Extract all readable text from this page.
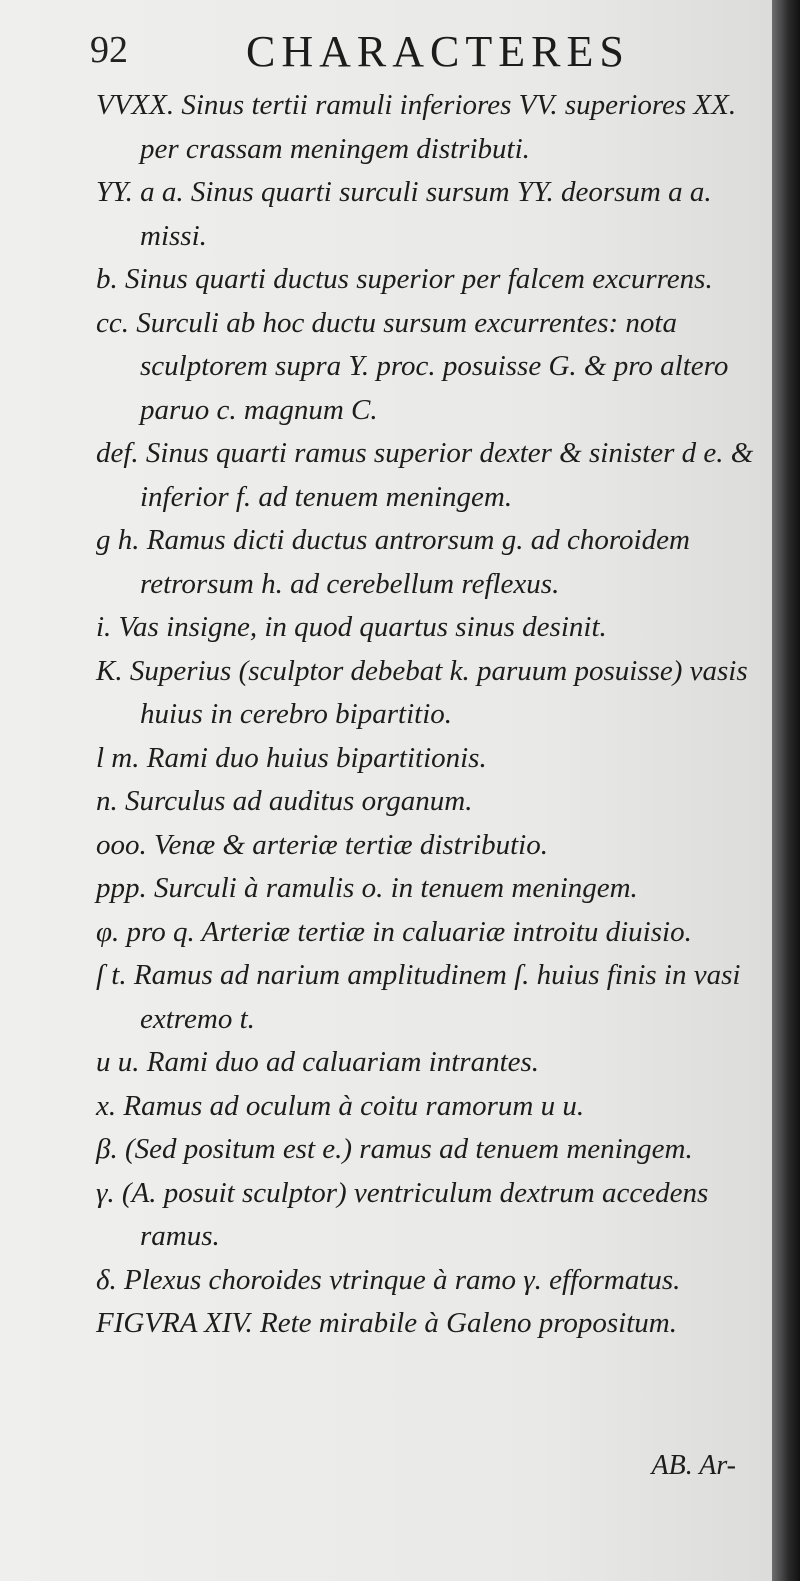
92	CHARACTERES

VVXX. Sinus tertii ramuli inferiores VV. superiores XX. per crassam meningem distributi.

YY. a a. Sinus quarti surculi sursum YY. deorsum a a. missi.

b. Sinus quarti ductus superior per falcem excurrens.

cc. Surculi ab hoc ductu sursum excurrentes: nota sculptorem supra Y. proc. posuisse G. & pro altero paruo c. magnum C.

def. Sinus quarti ramus superior dexter & sinister d e. & inferior f. ad tenuem meningem.

g h. Ramus dicti ductus antrorsum g. ad choroidem retrorsum h. ad cerebellum reflexus.

i. Vas insigne, in quod quartus sinus desinit.

K. Superius (sculptor debebat k. paruum posuisse) vasis huius in cerebro bipartitio.

l m. Rami duo huius bipartitionis.

n. Surculus ad auditus organum.

ooo. Venæ & arteriæ tertiæ distributio.

ppp. Surculi à ramulis o. in tenuem meningem.

φ. pro q. Arteriæ tertiæ in caluariæ introitu diuisio.

ſ t. Ramus ad narium amplitudinem ſ. huius finis in vasi extremo t.

u u. Rami duo ad caluariam intrantes.

x. Ramus ad oculum à coitu ramorum u u.

β. (Sed positum est e.) ramus ad tenuem meningem.

γ. (A. posuit sculptor) ventriculum dextrum accedens ramus.

δ. Plexus choroides vtrinque à ramo γ. efformatus.

FIGVRA XIV. Rete mirabile à Galeno propositum.

AB. Ar-
